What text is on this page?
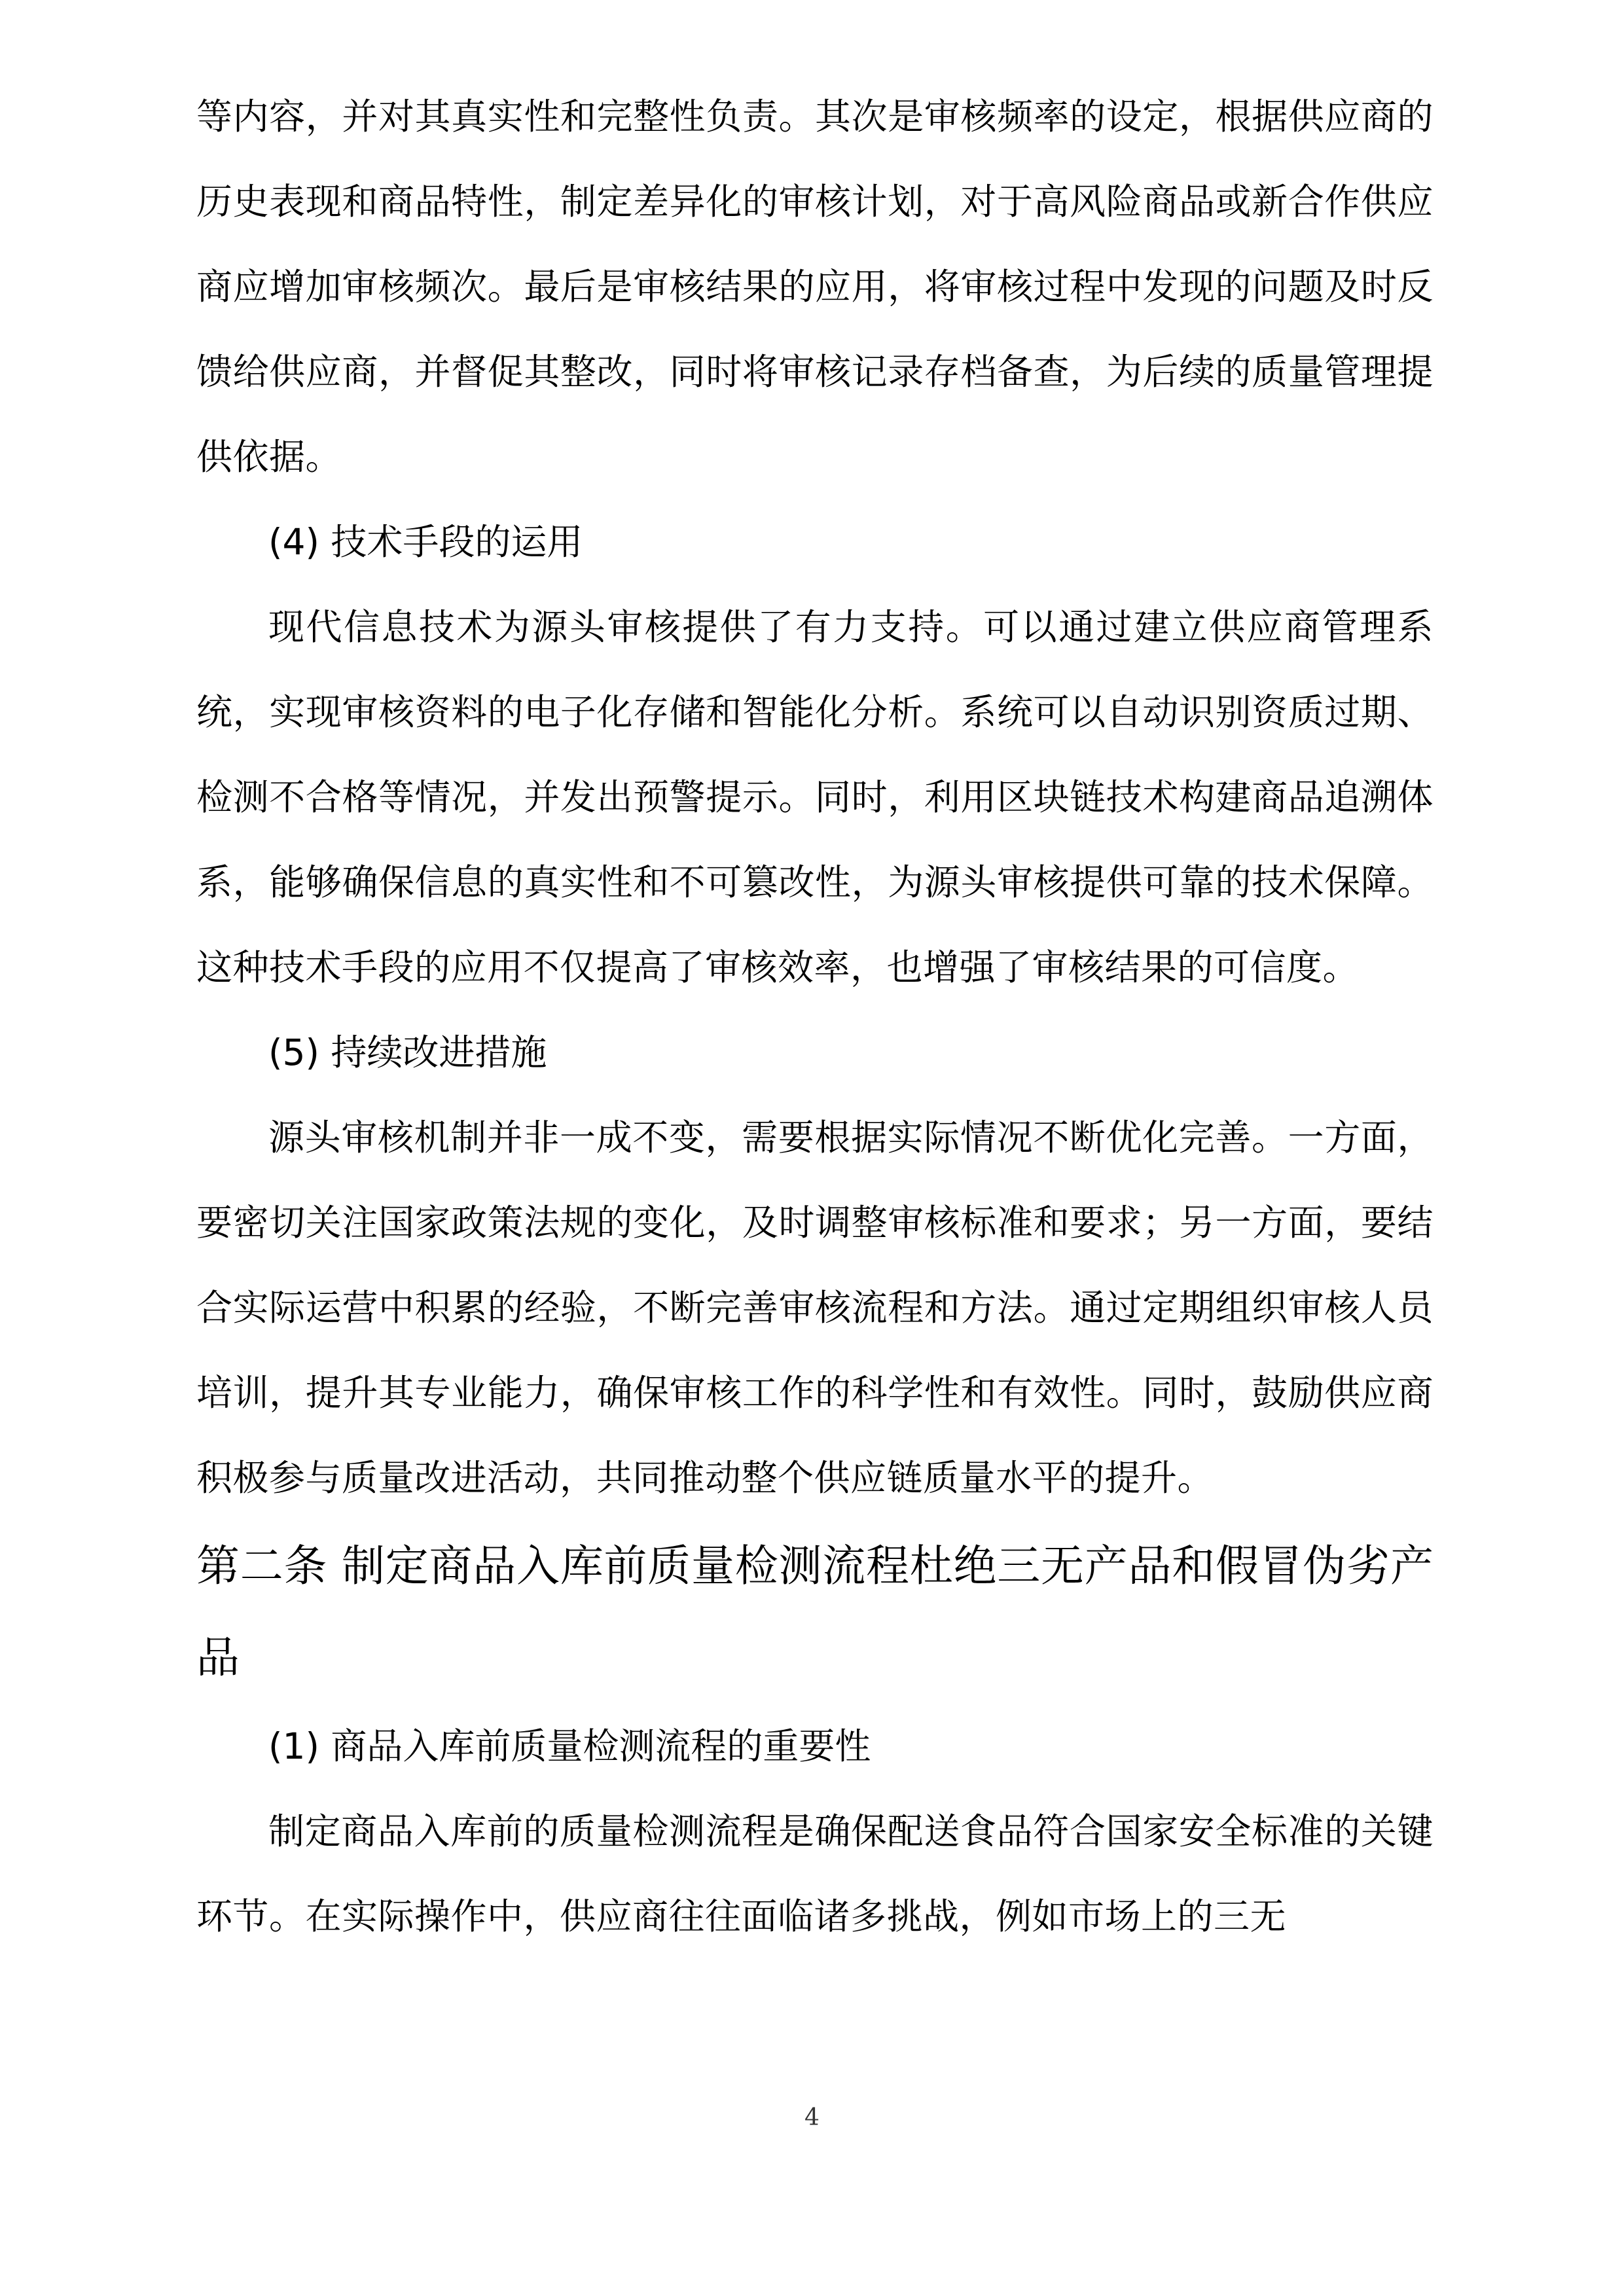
等内容，并对其真实性和完整性负责。其次是审核频率的设定，根据供应商的历史表现和商品特性，制定差异化的审核计划，对于高风险商品或新合作供应商应增加审核频次。最后是审核结果的应用，将审核过程中发现的问题及时反馈给供应商，并督促其整改，同时将审核记录存档备查，为后续的质量管理提供依据。

(4) 技术手段的运用

现代信息技术为源头审核提供了有力支持。可以通过建立供应商管理系统，实现审核资料的电子化存储和智能化分析。系统可以自动识别资质过期、检测不合格等情况，并发出预警提示。同时，利用区块链技术构建商品追溯体系，能够确保信息的真实性和不可篡改性，为源头审核提供可靠的技术保障。这种技术手段的应用不仅提高了审核效率，也增强了审核结果的可信度。

(5) 持续改进措施

源头审核机制并非一成不变，需要根据实际情况不断优化完善。一方面，要密切关注国家政策法规的变化，及时调整审核标准和要求；另一方面，要结合实际运营中积累的经验，不断完善审核流程和方法。通过定期组织审核人员培训，提升其专业能力，确保审核工作的科学性和有效性。同时，鼓励供应商积极参与质量改进活动，共同推动整个供应链质量水平的提升。

第二条 制定商品入库前质量检测流程杜绝三无产品和假冒伪劣产品

(1) 商品入库前质量检测流程的重要性

制定商品入库前的质量检测流程是确保配送食品符合国家安全标准的关键环节。在实际操作中，供应商往往面临诸多挑战，例如市场上的三无

4
